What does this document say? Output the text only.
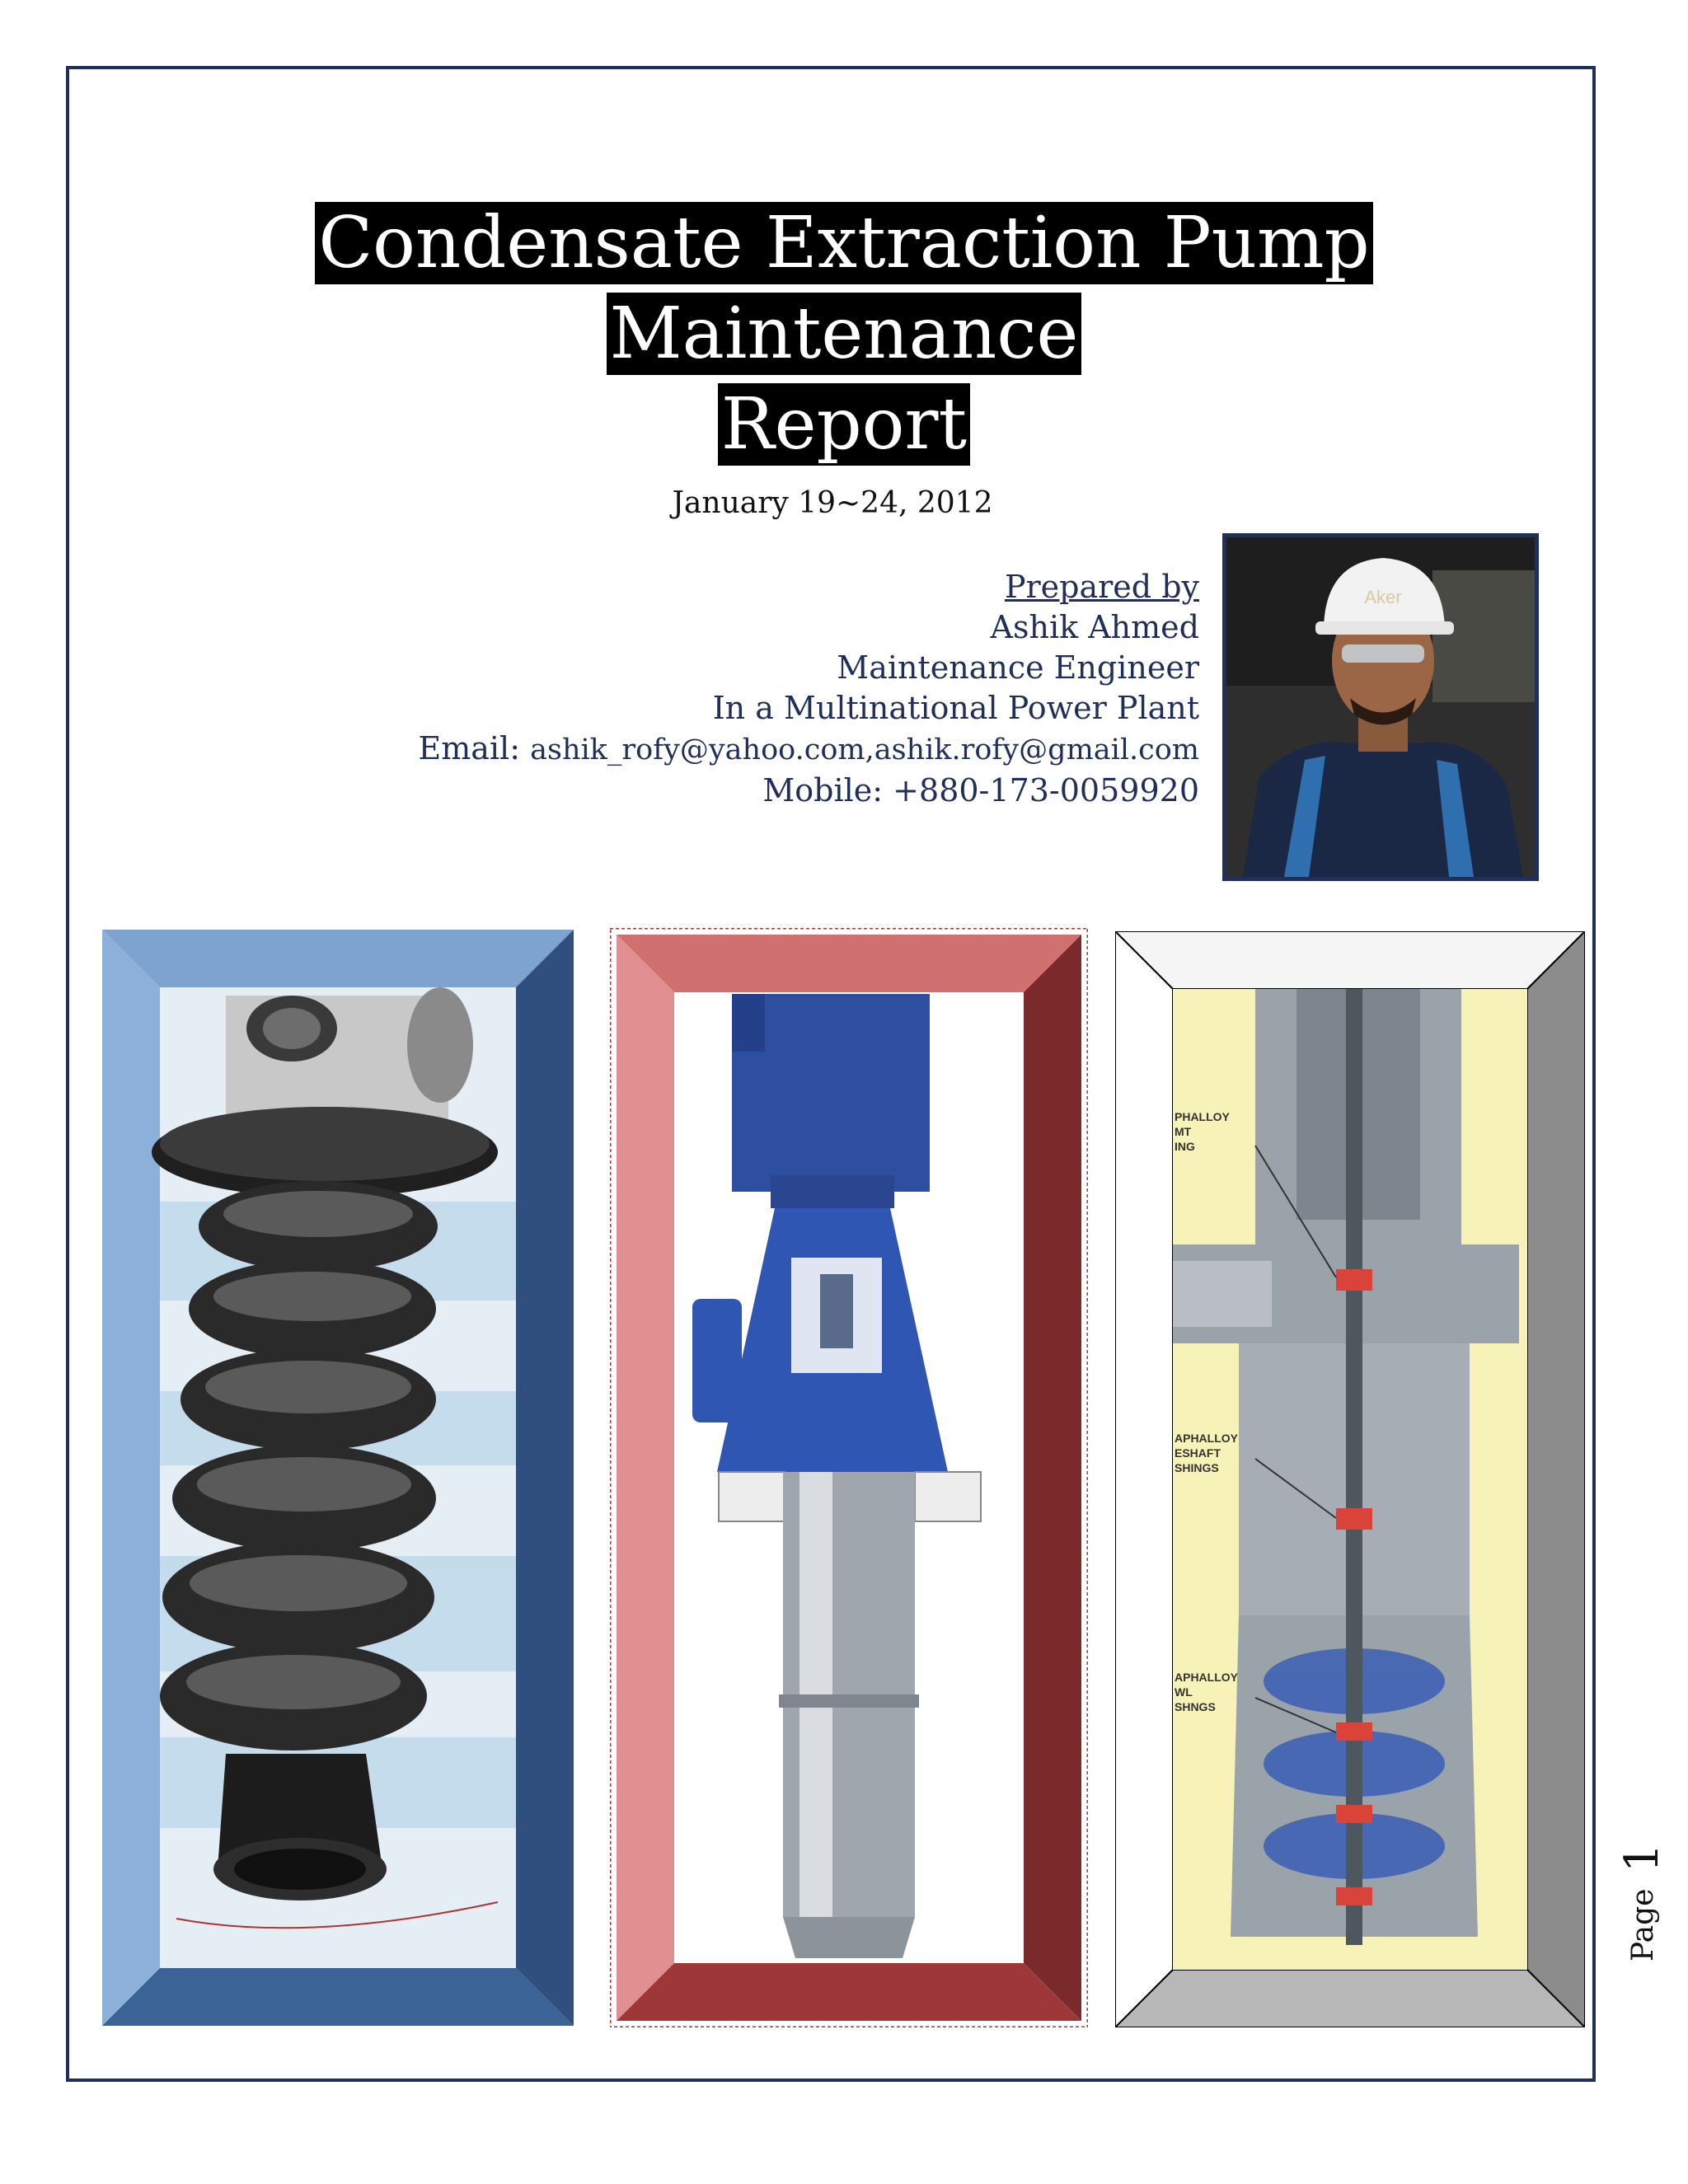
Condensate Extraction Pump Maintenance
Report
January 19~24, 2012
Prepared by
Ashik Ahmed
Maintenance Engineer
In a Multinational Power Plant
Email: ashik_rofy@yahoo.com,ashik.rofy@gmail.com
Mobile: +880-173-0059920
Aker
PHALLOY
MT
ING
APHALLOY
ESHAFT
SHINGS
APHALLOY
WL
SHNGS
Page 1
